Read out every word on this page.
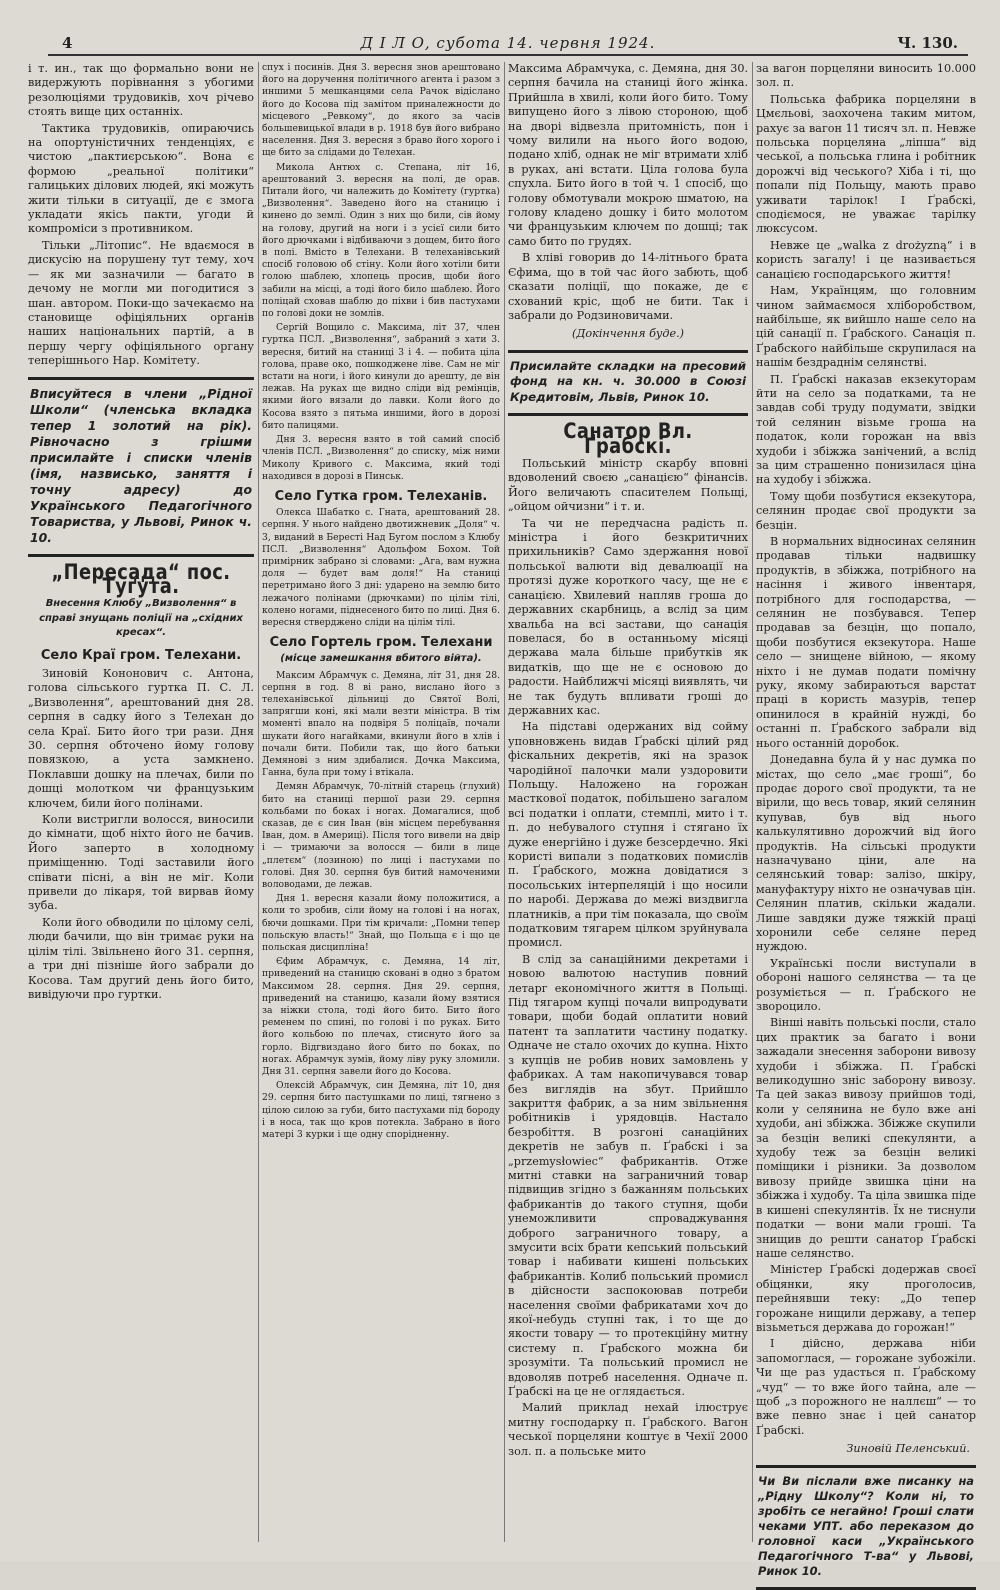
4	Д І Л О, субота 14. червня 1924.	Ч. 130.

і т. ин., так що формально вони не видержують порівнання з убогими резолюціями трудовиків, хоч річево стоять вище цих останніх.

Тактика трудовиків, опираючись на опортуністичних тенденціях, є чистою „пактиєрською“. Вона є формою „реальної політики“ галицьких ділових людей, які можуть жити тільки в ситуації, де є змога укладати якісь пакти, угоди й компроміси з противником.

Тільки „Літопис“. Не вдаємося в дискусію на порушену тут тему, хоч — як ми зазначили — багато в дечому не могли ми погодитися з шан. автором. Поки-що зачекаємо на становище офіціяльних органів наших національних партій, а в першу чергу офіціяльного органу теперішнього Нар. Комітету.

Вписуйтеся в члени „Рідної Школи“ (членська вкладка тепер 1 золотий на рік). Рівночасно з грішми присилайте і списки членів (імя, назвисько, заняття і точну адресу) до Українського Педагогічного Товариства, у Львові, Ринок ч. 10.

„Пересада“ пос. Туґута.
Внесення Клюбу „Визволення“ в справі знущань поліції на „східних кресах“.
Село Краї гром. Телехани.

Зиновій Кононович с. Антона, голова сільського гуртка П. С. Л. „Визволення“, арештований дня 28. серпня в садку його з Телехан до села Краї. Бито його три рази. Дня 30. серпня обточено йому голову повязкою, а уста замкнено. Поклавши дошку на плечах, били по дошці молотком чи французьким ключем, били його полінами.

Коли вистригли волосся, виносили до кімнати, щоб ніхто його не бачив. Його заперто в холодному приміщенню. Тоді заставили його співати пісні, а він не міг. Коли привели до лікаря, той вирвав йому зуба.

Коли його обводили по цілому селі, люди бачили, що він тримає руки на цілім тілі. Звільнено його 31. серпня, а три дні пізніше його забрали до Косова. Там другий день його бито, вивідуючи про гуртки.

спух і посинів. Дня 3. вересня знов арештовано його на доручення політичного агента і разом з иншими 5 мешканцями села Рачок відіслано його до Косова під замітом приналежности до місцевого „Ревкому“, до якого за часів большевицької влади в р. 1918 був його вибрано населення. Дня 3. вересня з браво його хорого і ще бито за слідами до Телехан.

Микола Антюх с. Степана, літ 16, арештований 3. вересня на полі, де орав. Питали його, чи належить до Комітету (гуртка) „Визволення“. Заведено його на станицю і кинено до землі. Один з них що били, сів йому на голову, другий на ноги і з усієї сили бито його дрючками і відбиваючи з дощем, бито його в полі. Вмісто в Телехани. В телеханівський спосіб головою об стіну. Коли його хотіли бити голою шаблею, хлопець просив, щоби його забили на місці, а тоді його било шаблею. Його поліцай сховав шаблю до піхви і бив пастухами по голові доки не зомлів.

Сергій Вощило с. Максима, літ 37, член гуртка ПСЛ. „Визволення“, забраний з хати 3. вересня, битий на станиці 3 і 4. — побита ціла голова, праве око, пошкоджене ліве. Сам не міг встати на ноги, і його кинули до арешту, де він лежав. На руках ще видно сліди від ремінців, якими його вязали до лавки. Коли його до Косова взято з пятьма иншими, його в дорозі бито палицями.

Дня 3. вересня взято в той самий спосіб членів ПСЛ. „Визволення“ до списку, між ними Миколу Кривого с. Максима, який тоді находився в дорозі в Пинськ.

Село Гутка гром. Телеханів.

Олекса Шабатко с. Гната, арештований 28. серпня. У нього найдено двотижневик „Доля“ ч. 3, виданий в Бересті Над Бугом послом з Клюбу ПСЛ. „Визволення“ Адольфом Бохом. Той примірник забрано зі словами: „Ага, вам нужна доля — будет вам доля!“ На станиці перетримано його 3 дні: ударено на землю бито лежачого полінами (дрючками) по цілім тілі, колено ногами, піднесеного бито по лиці. Дня 6. вересня стверджено сліди на цілім тілі.

Село Гортель гром. Телехани
(місце замешкання вбитого війта).

Максим Абрамчук с. Демяна, літ 31, дня 28. серпня в год. 8 ві рано, вислано його з телеханівської дільниці до Святої Волі, запрягши коні, які мали везти міністра. В тім моменті впало на подвіря 5 поліцаїв, почали шукати його нагайками, вкинули його в хлів і почали бити. Побили так, що його батьки Демянові з ним здибалися. Дочка Максима, Ганна, була при тому і втікала.

Демян Абрамчук, 70-літній старець (глухий) бито на станиці першої рази 29. серпня кольбами по боках і ногах. Домагалися, щоб сказав, де є син Іван (він місцем перебування Іван, дом. в Америці). Після того вивели на двір і — тримаючи за волосся — били в лице „плетєм“ (лозиною) по лиці і пастухами по голові. Дня 30. серпня був битий намоченими воловодами, де лежав.

Дня 1. вересня казали йому положитися, а коли то зробив, сіли йому на голові і на ногах, бючи дошками. При тім кричали: „Помни тепер польскую власть!“ Знай, що Польща є і що це польская дисципліна!

Єфим Абрамчук, с. Демяна, 14 літ, приведений на станицю сковані в одно з братом Максимом 28. серпня. Дня 29. серпня, приведений на станицю, казали йому взятися за ніжки стола, тоді його бито. Бито його ременем по спині, по голові і по руках. Бито його кольбою по плечах, стиснуто його за горло. Відгвиздано його бито по боках, по ногах. Абрамчук зумів, йому ліву руку зломили. Дня 31. серпня завели його до Косова.

Олексій Абрамчук, син Демяна, літ 10, дня 29. серпня бито пастушками по лиці, тягнено з цілою силою за губи, бито пастухами під бороду і в носа, так що кров потекла. Забрано в його матері 3 курки і ще одну спорідненну.

Максима Абрамчука, с. Демяна, дня 30. серпня бачила на станиці його жінка. Прийшла в хвилі, коли його бито. Тому випущено його з лівою стороною, щоб на дворі відвезла притомність, пон і чому вилили на нього його водою, подано хліб, однак не міг втримати хліб в руках, ані встати. Ціла голова була спухла. Бито його в той ч. 1 спосіб, що голову обмотували мокрою шматою, на голову кладено дошку і бито молотом чи французьким ключем по дошці; так само бито по грудях.

В хліві говорив до 14-літнього брата Єфима, що в той час його забють, щоб сказати поліції, що покаже, де є схований кріс, щоб не бити. Так і забрали до Родзиновичами.

(Докінчення буде.)

Присилайте складки на пресовий фонд на кн. ч. 30.000 в Союзі Кредитовім, Львів, Ринок 10.

Санатор Вл. Ґрабскі.

Польський міністр скарбу вповні вдоволений своєю „санацією“ фінансів. Його величають спасителем Польщі, „ойцом ойчизни“ і т. и.

Та чи не передчасна радість п. міністра і його безкритичних прихильників? Само здержання нової польської валюти від девалюації на протязі дуже короткого часу, ще не є санацією. Хвилевий напляв гроша до державних скарбниць, а вслід за цим хвальба на всі застави, що санація повелася, бо в останньому місяці держава мала більше прибутків як видатків, що ще не є основою до радости. Найближчі місяці виявлять, чи не так будуть впливати гроші до державних кас.

На підставі одержаних від сойму уповновжень видав Ґрабскі цілий ряд фіскальних декретів, які на зразок чародійної палочки мали уздоровити Польщу. Наложено на горожан масткової податок, побільшено загалом всі податки і оплати, стемплі, мито і т. п. до небувалого ступня і стягано їх дуже енергійно і дуже безсердечно. Які користі випали з податкових помислів п. Ґрабского, можна довідатися з посольських інтерпеляцій і що носили по наробі. Держава до межі виздвигла платників, а при тім показала, що своїм податковим тягарем цілком зруйнувала промисл.

В слід за санаційними декретами і новою валютою наступив повний летарг економічного життя в Польщі. Під тягаром купці почали випродувати товари, щоби бодай оплатити новий патент та заплатити частину податку. Одначе не стало охочих до купна. Ніхто з купців не робив нових замовлень у фабриках. А там накопичувався товар без виглядів на збут. Прийшло закриття фабрик, а за ним звільнення робітників і урядовців. Настало безробіття. В розгоні санаційних декретів не забув п. Ґрабскі і за „przemysłowiec“ фабрикантів. Отже митні ставки на заграничний товар підвищив згідно з бажанням польських фабрикантів до такого ступня, щоби унеможливити спроваджування доброго заграничного товару, а змусити всіх брати кепський польський товар і набивати кишені польських фабрикантів. Колиб польський промисл в дійсности заспокоював потреби населення своїми фабрикатами хоч до якої-небудь ступні так, і то ще до якости товару — то протекційну митну систему п. Ґрабского можна би зрозуміти. Та польський промисл не вдоволяв потреб населення. Одначе п. Ґрабскі на це не оглядається.

Малий приклад нехай ілюструє митну господарку п. Ґрабского. Вагон чеської порцеляни коштує в Чехії 2000 зол. п. а польське мито

за вагон порцеляни виносить 10.000 зол. п.

Польська фабрика порцеляни в Цмєльові, заохочена таким митом, рахує за вагон 11 тисяч зл. п. Невже польська порцеляна „ліпша“ від чеської, а польська глина і робітник дорожчі від чеського? Хіба і ті, що попали під Польщу, мають право уживати тарілок! І Ґрабскі, сподіємося, не уважає тарілку люксусом.

Невже це „walka z drożyzną“ і в користь загалу! і це називається санацією господарського життя!

Нам, Українцям, що головним чином займаємося хліборобством, найбільше, як вийшло наше село на цій санації п. Ґрабского. Санація п. Ґрабского найбільше скрупилася на нашім бездраднім селянстві.

П. Ґрабскі наказав екзекуторам йти на село за податками, та не завдав собі труду подумати, звідки той селянин візьме гроша на податок, коли горожан на ввіз худоби і збіжжа занічений, а вслід за цим страшенно понизилася ціна на худобу і збіжжа.

Тому щоби позбутися екзекутора, селянин продає свої продукти за безцін.

В нормальних відносинах селянин продавав тільки надвишку продуктів, в збіжжа, потрібного на насіння і живого інвентаря, потрібного для господарства, — селянин не позбувався. Тепер продавав за безцін, що попало, щоби позбутися екзекутора. Наше село — знищене війною, — якому ніхто і не думав подати помічну руку, якому забираються варстат праці в користь мазурів, тепер опинилося в крайній нужді, бо останні п. Ґрабского забрали від нього останній доробок.

Донедавна була й у нас думка по містах, що село „має гроші“, бо продає дорого свої продукти, та не вірили, що весь товар, який селянин купував, був від нього калькулятивно дорожчий від його продуктів. На сільські продукти назначувано ціни, але на селянський товар: залізо, шкіру, мануфактуру ніхто не означував цін. Селянин платив, скільки жадали. Лише завдяки дуже тяжкій праці хоронили себе селяне перед нуждою.

Українські посли виступали в обороні нашого селянства — та це розуміється — п. Ґрабского не звороцило.

Вінші навіть польські посли, стало цих практик за багато і вони зажадали знесення заборони вивозу худоби і збіжжа. П. Ґрабскі великодушно зніс заборону вивозу. Та цей заказ вивозу прийшов тоді, коли у селянина не було вже ані худоби, ані збіжжа. Збіжже скупили за безцін великі спекулянти, а худобу теж за безцін великі поміщики і різники. За дозволом вивозу прийде звишка ціни на збіжжа і худобу. Та ціла звишка піде в кишені спекулянтів. Їх не тиснули податки — вони мали гроші. Та знищив до решти санатор Ґрабскі наше селянство.

Міністер Ґрабскі додержав своєї обіцянки, яку проголосив, перейнявши теку: „До тепер горожане нищили державу, а тепер візьметься держава до горожан!“

І дійсно, держава ніби запомоглася, — горожане зубожіли. Чи ще раз удасться п. Ґрабскому „чуд“ — то вже його тайна, але — щоб „з порожного не наллєш“ — то вже певно знає і цей санатор Ґрабскі.

Зиновій Пеленський.

Чи Ви післали вже писанку на „Рідну Школу“? Коли ні, то зробіть се негайно! Гроші слати чеками УПТ. або переказом до головної каси „Українського Педагогічного Т-ва“ у Львові, Ринок 10.
